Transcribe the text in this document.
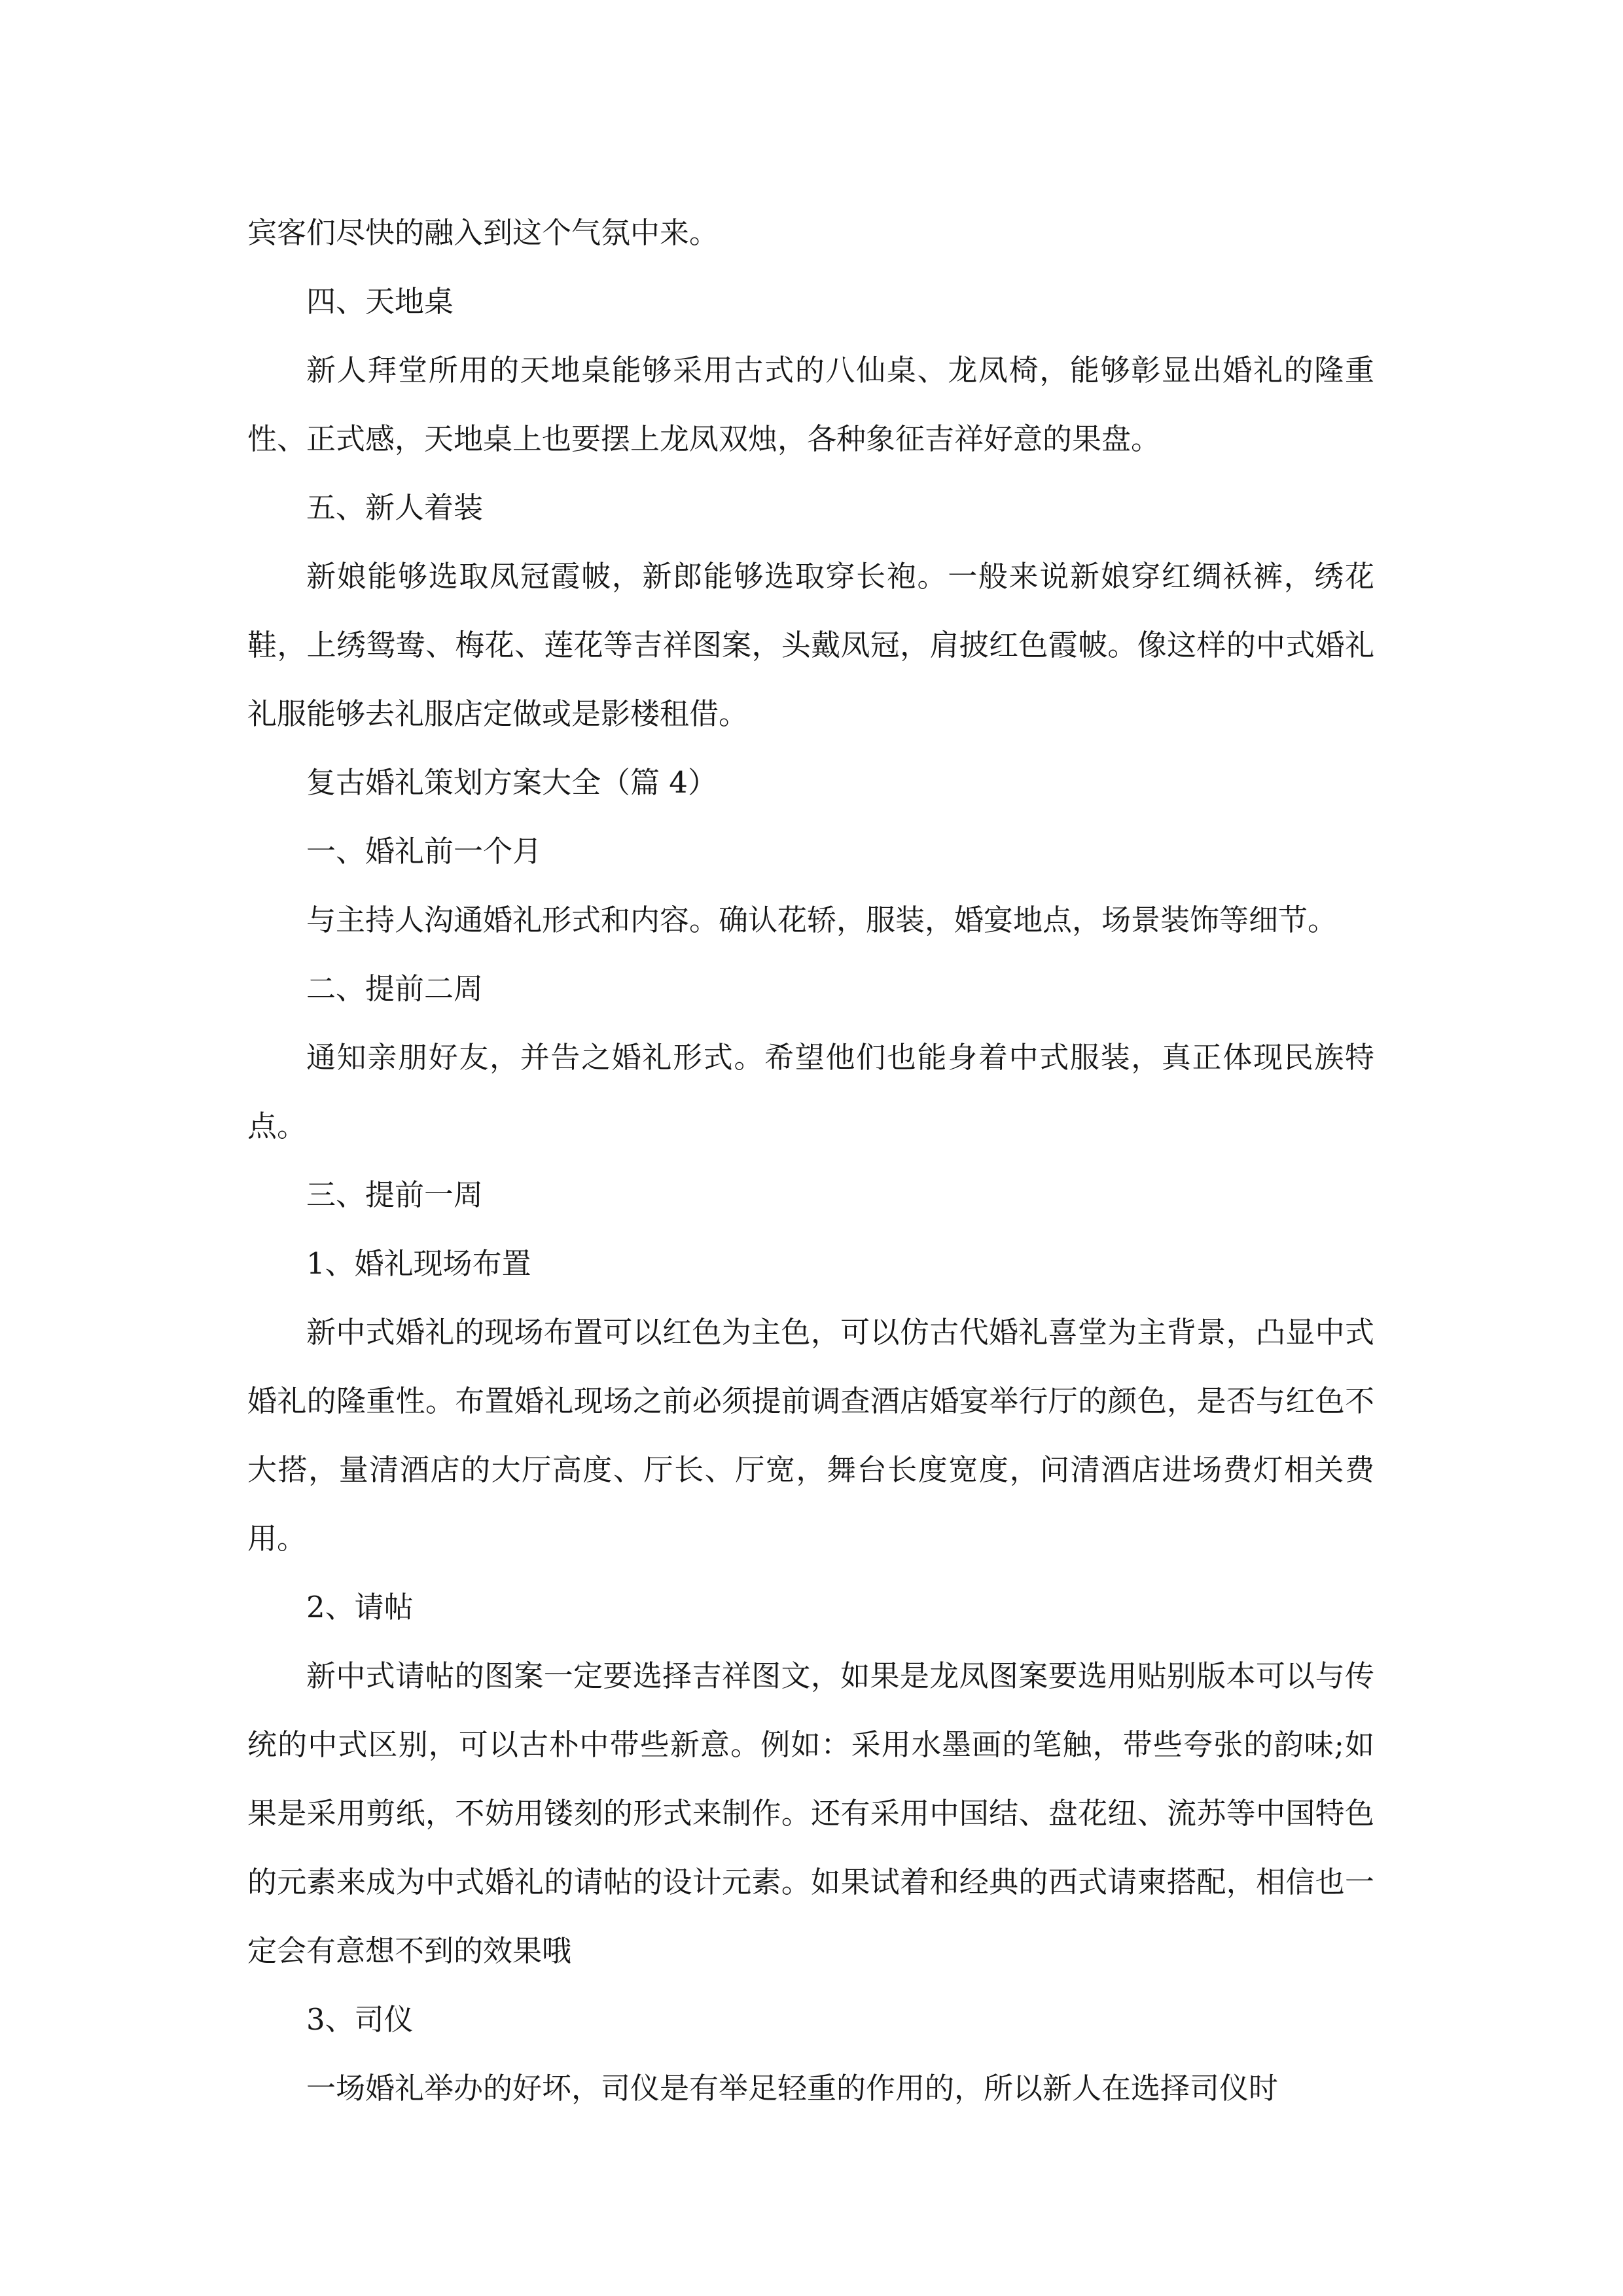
宾客们尽快的融入到这个气氛中来。

四、天地桌

新人拜堂所用的天地桌能够采用古式的八仙桌、龙凤椅，能够彰显出婚礼的隆重性、正式感，天地桌上也要摆上龙凤双烛，各种象征吉祥好意的果盘。

五、新人着装

新娘能够选取凤冠霞帔，新郎能够选取穿长袍。一般来说新娘穿红绸袄裤，绣花鞋，上绣鸳鸯、梅花、莲花等吉祥图案，头戴凤冠，肩披红色霞帔。像这样的中式婚礼礼服能够去礼服店定做或是影楼租借。

复古婚礼策划方案大全（篇 4）

一、婚礼前一个月

与主持人沟通婚礼形式和内容。确认花轿，服装，婚宴地点，场景装饰等细节。

二、提前二周

通知亲朋好友，并告之婚礼形式。希望他们也能身着中式服装，真正体现民族特点。

三、提前一周

1、婚礼现场布置

新中式婚礼的现场布置可以红色为主色，可以仿古代婚礼喜堂为主背景，凸显中式婚礼的隆重性。布置婚礼现场之前必须提前调查酒店婚宴举行厅的颜色，是否与红色不大搭，量清酒店的大厅高度、厅长、厅宽，舞台长度宽度，问清酒店进场费灯相关费用。

2、请帖

新中式请帖的图案一定要选择吉祥图文，如果是龙凤图案要选用贴别版本可以与传统的中式区别，可以古朴中带些新意。例如：采用水墨画的笔触，带些夸张的韵味;如果是采用剪纸，不妨用镂刻的形式来制作。还有采用中国结、盘花纽、流苏等中国特色的元素来成为中式婚礼的请帖的设计元素。如果试着和经典的西式请柬搭配，相信也一定会有意想不到的效果哦

3、司仪

一场婚礼举办的好坏，司仪是有举足轻重的作用的，所以新人在选择司仪时
